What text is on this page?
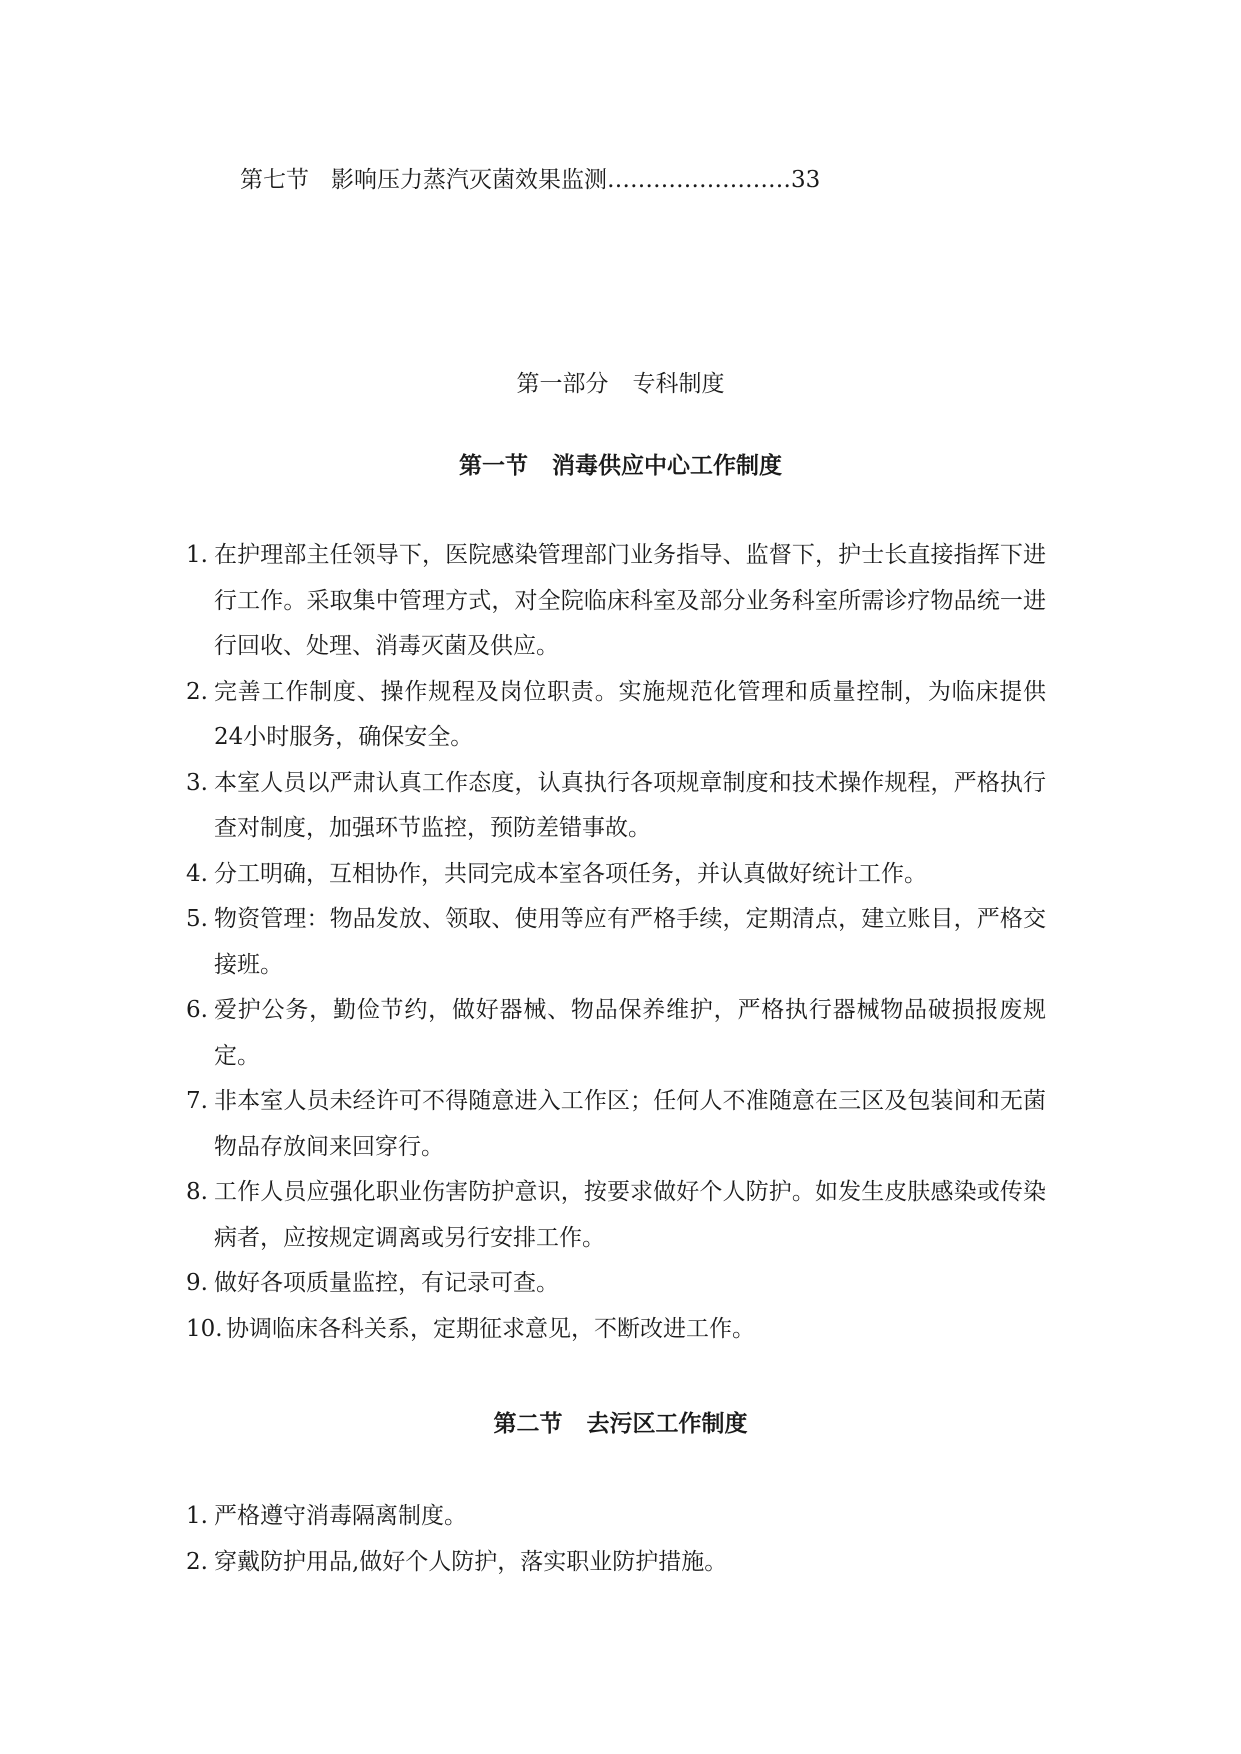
第七节 影响压力蒸汽灭菌效果监测……………………33
第一部分 专科制度
第一节 消毒供应中心工作制度
1. 在护理部主任领导下，医院感染管理部门业务指导、监督下，护士长直接指挥下进行工作。采取集中管理方式，对全院临床科室及部分业务科室所需诊疗物品统一进行回收、处理、消毒灭菌及供应。
2. 完善工作制度、操作规程及岗位职责。实施规范化管理和质量控制，为临床提供24小时服务，确保安全。
3. 本室人员以严肃认真工作态度，认真执行各项规章制度和技术操作规程，严格执行查对制度，加强环节监控，预防差错事故。
4. 分工明确，互相协作，共同完成本室各项任务，并认真做好统计工作。
5. 物资管理：物品发放、领取、使用等应有严格手续，定期清点，建立账目，严格交接班。
6. 爱护公务，勤俭节约，做好器械、物品保养维护，严格执行器械物品破损报废规定。
7. 非本室人员未经许可不得随意进入工作区；任何人不准随意在三区及包装间和无菌物品存放间来回穿行。
8. 工作人员应强化职业伤害防护意识，按要求做好个人防护。如发生皮肤感染或传染病者，应按规定调离或另行安排工作。
9. 做好各项质量监控，有记录可查。
10. 协调临床各科关系，定期征求意见，不断改进工作。
第二节 去污区工作制度
1. 严格遵守消毒隔离制度。
2. 穿戴防护用品,做好个人防护，落实职业防护措施。
